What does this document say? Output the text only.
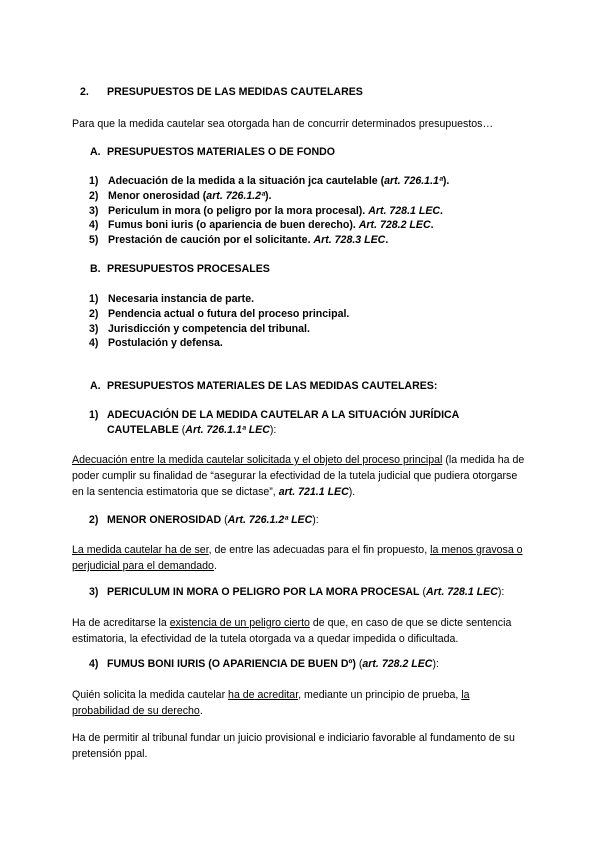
2. PRESUPUESTOS DE LAS MEDIDAS CAUTELARES
Para que la medida cautelar sea otorgada han de concurrir determinados presupuestos…
A. PRESUPUESTOS MATERIALES O DE FONDO
1) Adecuación de la medida a la situación jca cautelable (art. 726.1.1ª).
2) Menor onerosidad (art. 726.1.2ª).
3) Periculum in mora (o peligro por la mora procesal). Art. 728.1 LEC.
4) Fumus boni iuris (o apariencia de buen derecho). Art. 728.2 LEC.
5) Prestación de caución por el solicitante. Art. 728.3 LEC.
B. PRESUPUESTOS PROCESALES
1) Necesaria instancia de parte.
2) Pendencia actual o futura del proceso principal.
3) Jurisdicción y competencia del tribunal.
4) Postulación y defensa.
A. PRESUPUESTOS MATERIALES DE LAS MEDIDAS CAUTELARES:
1) ADECUACIÓN DE LA MEDIDA CAUTELAR A LA SITUACIÓN JURÍDICA
CAUTELABLE (Art. 726.1.1ª LEC):
Adecuación entre la medida cautelar solicitada y el objeto del proceso principal (la medida ha de poder cumplir su finalidad de “asegurar la efectividad de la tutela judicial que pudiera otorgarse en la sentencia estimatoria que se dictase”, art. 721.1 LEC).
2) MENOR ONEROSIDAD (Art. 726.1.2ª LEC):
La medida cautelar ha de ser, de entre las adecuadas para el fin propuesto, la menos gravosa o perjudicial para el demandado.
3) PERICULUM IN MORA O PELIGRO POR LA MORA PROCESAL (Art. 728.1 LEC):
Ha de acreditarse la existencia de un peligro cierto de que, en caso de que se dicte sentencia estimatoria, la efectividad de la tutela otorgada va a quedar impedida o dificultada.
4) FUMUS BONI IURIS (O APARIENCIA DE BUEN Dº) (art. 728.2 LEC):
Quién solicita la medida cautelar ha de acreditar, mediante un principio de prueba, la probabilidad de su derecho.
Ha de permitir al tribunal fundar un juicio provisional e indiciario favorable al fundamento de su pretensión ppal.
